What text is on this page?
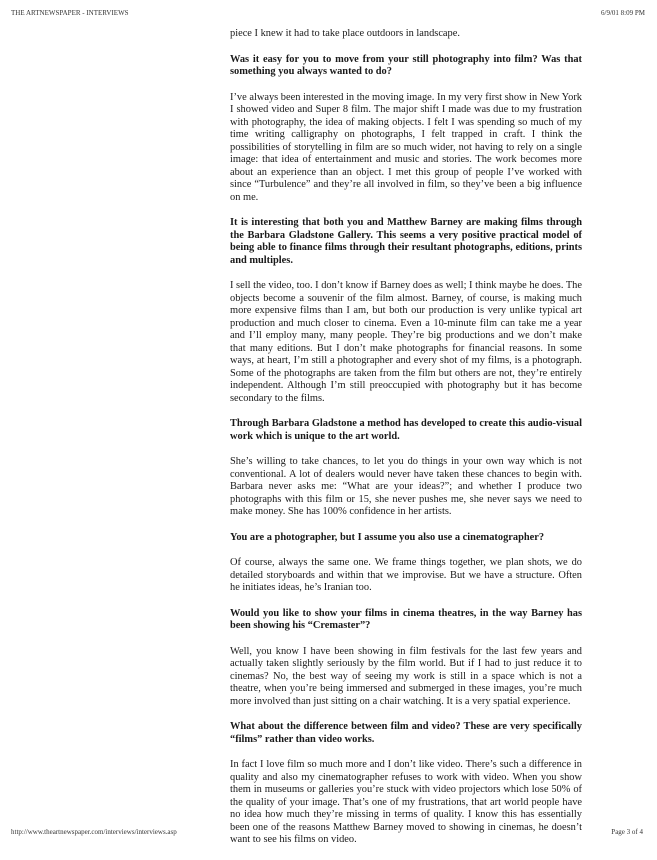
THE ARTNEWSPAPER - INTERVIEWS	6/9/01 8:09 PM

piece I knew it had to take place outdoors in landscape.

Was it easy for you to move from your still photography into film? Was that something you always wanted to do?

I’ve always been interested in the moving image. In my very first show in New York I showed video and Super 8 film. The major shift I made was due to my frustration with photography, the idea of making objects. I felt I was spending so much of my time writing calligraphy on photographs, I felt trapped in craft. I think the possibilities of storytelling in film are so much wider, not having to rely on a single image: that idea of entertainment and music and stories. The work becomes more about an experience than an object. I met this group of people I’ve worked with since “Turbulence” and they’re all involved in film, so they’ve been a big influence on me.

It is interesting that both you and Matthew Barney are making films through the Barbara Gladstone Gallery. This seems a very positive practical model of being able to finance films through their resultant photographs, editions, prints and multiples.

I sell the video, too. I don’t know if Barney does as well; I think maybe he does. The objects become a souvenir of the film almost. Barney, of course, is making much more expensive films than I am, but both our production is very unlike typical art production and much closer to cinema. Even a 10-minute film can take me a year and I’ll employ many, many people. They’re big productions and we don’t make that many editions. But I don’t make photographs for financial reasons. In some ways, at heart, I’m still a photographer and every shot of my films, is a photograph. Some of the photographs are taken from the film but others are not, they’re entirely independent. Although I’m still preoccupied with photography but it has become secondary to the films.

Through Barbara Gladstone a method has developed to create this audio-visual work which is unique to the art world.

She’s willing to take chances, to let you do things in your own way which is not conventional. A lot of dealers would never have taken these chances to begin with. Barbara never asks me: “What are your ideas?”; and whether I produce two photographs with this film or 15, she never pushes me, she never says we need to make money. She has 100% confidence in her artists.

You are a photographer, but I assume you also use a cinematographer?

Of course, always the same one. We frame things together, we plan shots, we do detailed storyboards and within that we improvise. But we have a structure. Often he initiates ideas, he’s Iranian too.

Would you like to show your films in cinema theatres, in the way Barney has been showing his “Cremaster”?

Well, you know I have been showing in film festivals for the last few years and actually taken slightly seriously by the film world. But if I had to just reduce it to cinemas? No, the best way of seeing my work is still in a space which is not a theatre, when you’re being immersed and submerged in these images, you’re much more involved than just sitting on a chair watching. It is a very spatial experience.

What about the difference between film and video? These are very specifically “films” rather than video works.

In fact I love film so much more and I don’t like video. There’s such a difference in quality and also my cinematographer refuses to work with video. When you show them in museums or galleries you’re stuck with video projectors which lose 50% of the quality of your image. That’s one of my frustrations, that art world people have no idea how much they’re missing in terms of quality. I know this has essentially been one of the reasons Matthew Barney moved to showing in cinemas, he doesn’t want to see his films on video.

http://www.theartnewspaper.com/interviews/interviews.asp	Page 3 of 4
